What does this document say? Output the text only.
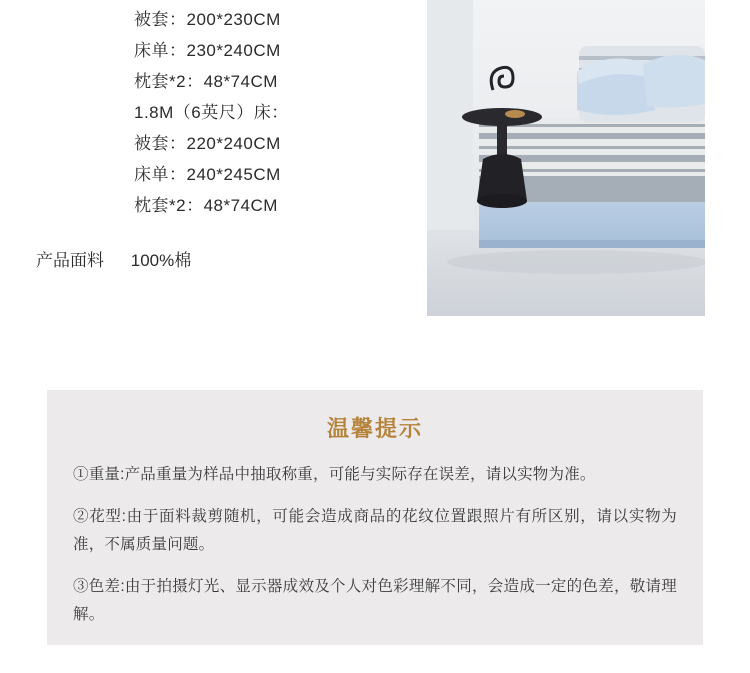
被套：200*230CM
床单：230*240CM
枕套*2：48*74CM
1.8M（6英尺）床：
被套：220*240CM
床单：240*245CM
枕套*2：48*74CM
产品面料 100%棉
温馨提示
①重量:产品重量为样品中抽取称重，可能与实际存在误差，请以实物为准。
②花型:由于面料裁剪随机，可能会造成商品的花纹位置跟照片有所区别，请以实物为准，不属质量问题。
③色差:由于拍摄灯光、显示器成效及个人对色彩理解不同，会造成一定的色差，敬请理解。
